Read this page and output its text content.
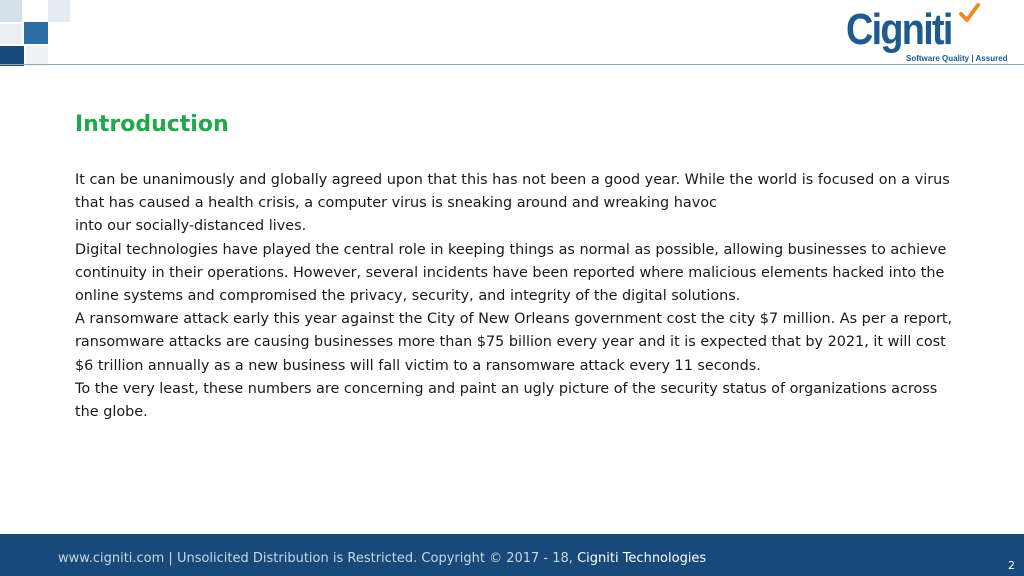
Cigniti
Software Quality | Assured
Introduction

It can be unanimously and globally agreed upon that this has not been a good year. While the world is focused on a virus that has caused a health crisis, a computer virus is sneaking around and wreaking havoc

into our socially-distanced lives.

Digital technologies have played the central role in keeping things as normal as possible, allowing businesses to achieve continuity in their operations. However, several incidents have been reported where malicious elements hacked into the online systems and compromised the privacy, security, and integrity of the digital solutions.

A ransomware attack early this year against the City of New Orleans government cost the city $7 million. As per a report, ransomware attacks are causing businesses more than $75 billion every year and it is expected that by 2021, it will cost $6 trillion annually as a new business will fall victim to a ransomware attack every 11 seconds.

To the very least, these numbers are concerning and paint an ugly picture of the security status of organizations across the globe.

www.cigniti.com | Unsolicited Distribution is Restricted. Copyright © 2017 - 18, Cigniti Technologies	2
